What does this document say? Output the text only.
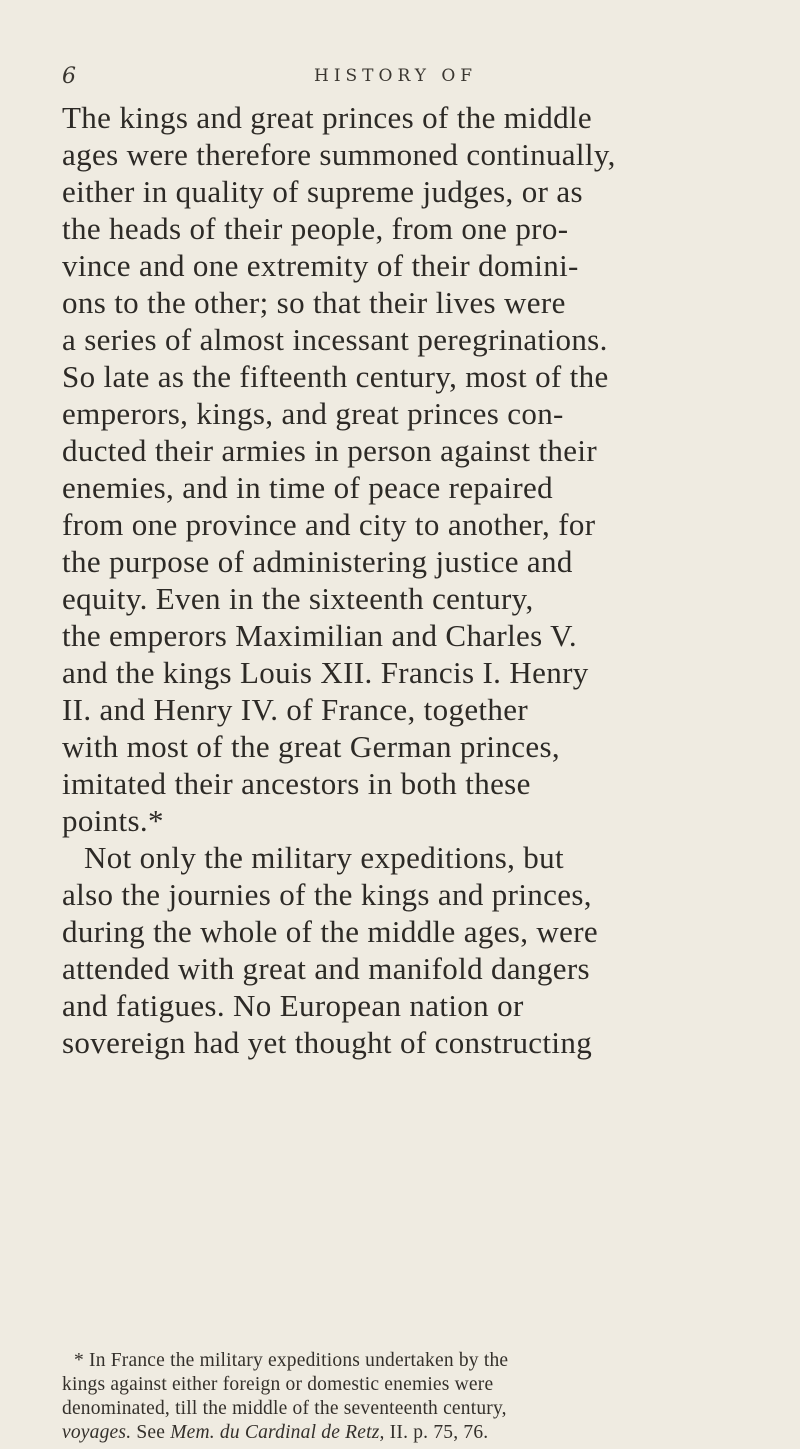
6	HISTORY OF
The kings and great princes of the middle
ages were therefore summoned continually,
either in quality of supreme judges, or as
the heads of their people, from one pro-
vince and one extremity of their domini-
ons to the other; so that their lives were
a series of almost incessant peregrinations.
So late as the fifteenth century, most of the
emperors, kings, and great princes con-
ducted their armies in person against their
enemies, and in time of peace repaired
from one province and city to another, for
the purpose of administering justice and
equity. Even in the sixteenth century,
the emperors Maximilian and Charles V.
and the kings Louis XII. Francis I. Henry
II. and Henry IV. of France, together
with most of the great German princes,
imitated their ancestors in both these
points.*
Not only the military expeditions, but
also the journies of the kings and princes,
during the whole of the middle ages, were
attended with great and manifold dangers
and fatigues. No European nation or
sovereign had yet thought of constructing
* In France the military expeditions undertaken by the
kings against either foreign or domestic enemies were
denominated, till the middle of the seventeenth century,
voyages. See Mem. du Cardinal de Retz, II. p. 75, 76.
